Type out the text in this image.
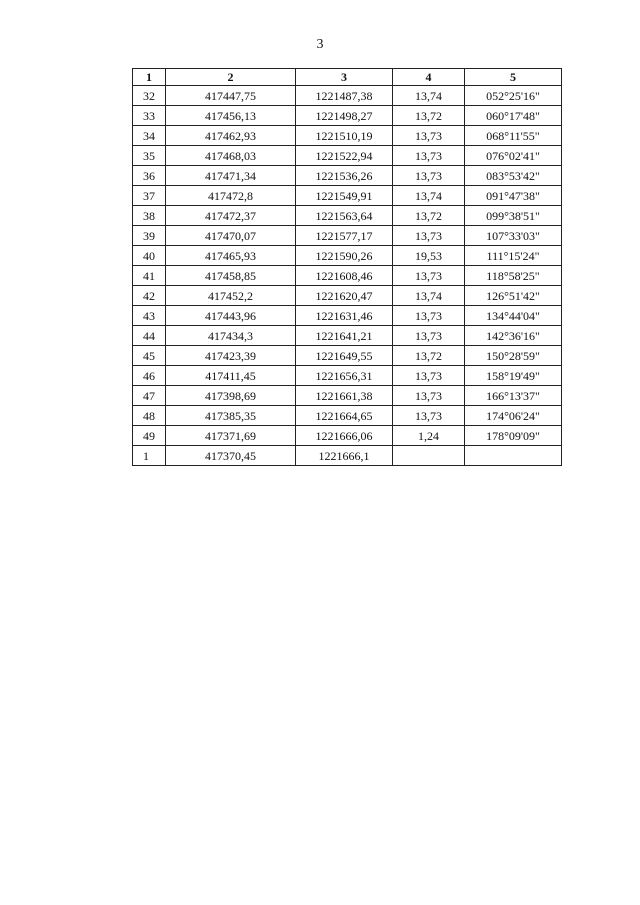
3
1	2	3	4	5
32	417447,75	1221487,38	13,74	052°25'16"
33	417456,13	1221498,27	13,72	060°17'48"
34	417462,93	1221510,19	13,73	068°11'55"
35	417468,03	1221522,94	13,73	076°02'41"
36	417471,34	1221536,26	13,73	083°53'42"
37	417472,8	1221549,91	13,74	091°47'38"
38	417472,37	1221563,64	13,72	099°38'51"
39	417470,07	1221577,17	13,73	107°33'03"
40	417465,93	1221590,26	19,53	111°15'24"
41	417458,85	1221608,46	13,73	118°58'25"
42	417452,2	1221620,47	13,74	126°51'42"
43	417443,96	1221631,46	13,73	134°44'04"
44	417434,3	1221641,21	13,73	142°36'16"
45	417423,39	1221649,55	13,72	150°28'59"
46	417411,45	1221656,31	13,73	158°19'49"
47	417398,69	1221661,38	13,73	166°13'37"
48	417385,35	1221664,65	13,73	174°06'24"
49	417371,69	1221666,06	1,24	178°09'09"
1	417370,45	1221666,1		
